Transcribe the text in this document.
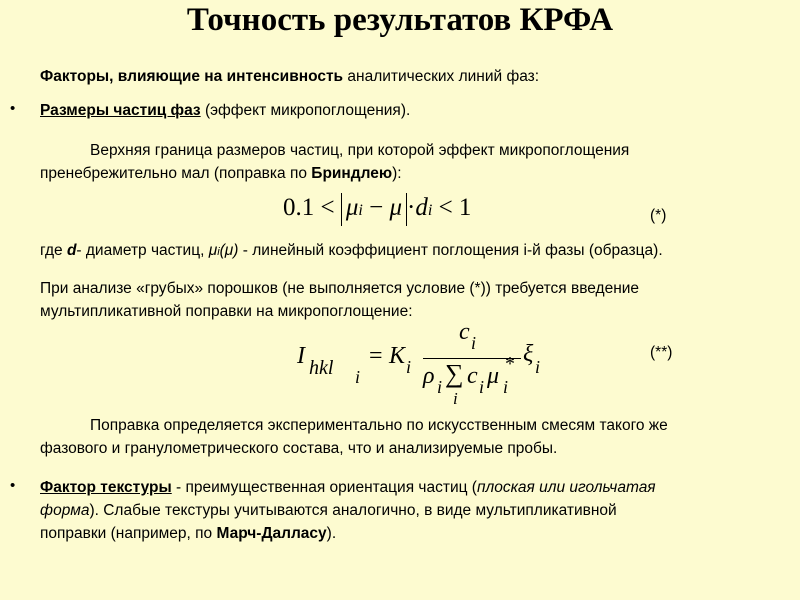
Точность результатов КРФА
Факторы, влияющие на интенсивность аналитических линий фаз:
• Размеры частиц фаз (эффект микропоглощения).
Верхняя граница размеров частиц, при которой эффект микропоглощения
пренебрежительно мал (поправка по Бриндлею):
0.1 < μi − μ ·di < 1	(*)
где d- диаметр частиц, μi(μ) - линейный коэффициент поглощения i-й фазы (образца).
При анализе «грубых» порошков (не выполняется условие (*)) требуется введение
мультипликативной поправки на микропоглощение:
I hkl i
= K i
c i
ρ i ∑
i
c i μ *
i
ξ i
(**)
Поправка определяется экспериментально по искусственным смесям такого же
фазового и гранулометрического состава, что и анализируемые пробы.
• Фактор текстуры - преимущественная ориентация частиц (плоская или игольчатая
форма). Слабые текстуры учитываются аналогично, в виде мультипликативной
поправки (например, по Марч-Далласу).
